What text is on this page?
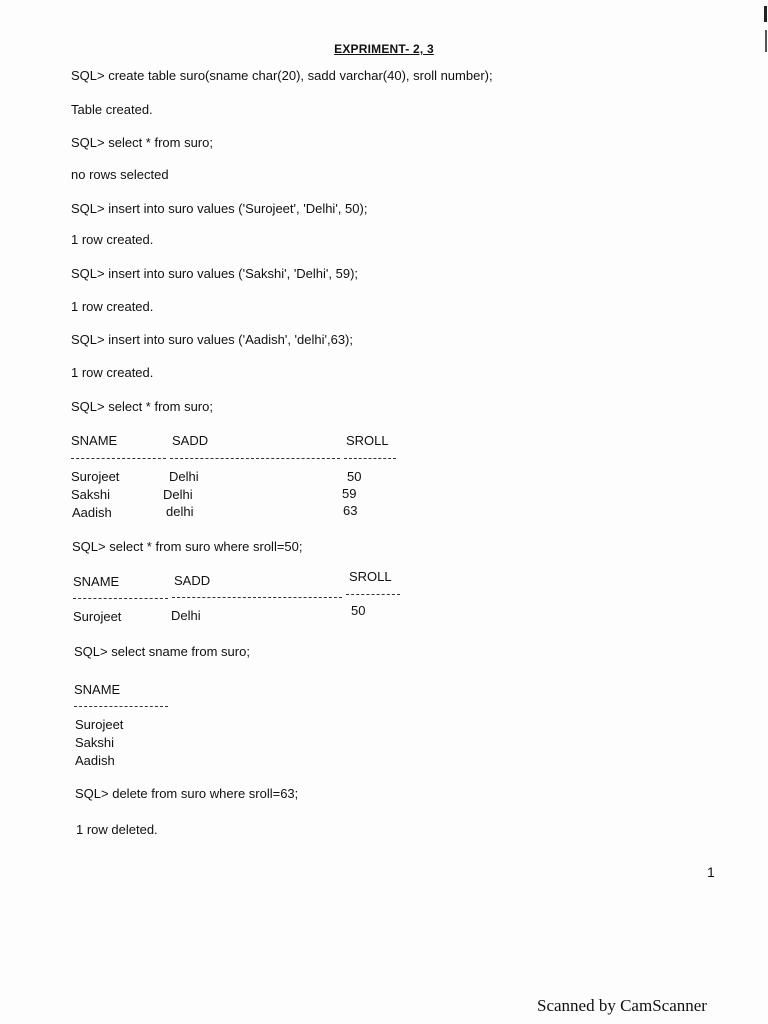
EXPRIMENT- 2, 3
SQL> create table suro(sname char(20), sadd varchar(40), sroll number);
Table created.
SQL> select * from suro;
no rows selected
SQL> insert into suro values ('Surojeet', 'Delhi', 50);
1 row created.
SQL> insert into suro values ('Sakshi', 'Delhi', 59);
1 row created.
SQL> insert into suro values ('Aadish', 'delhi',63);
1 row created.
SQL> select * from suro;
SNAME	SADD	SROLL
Surojeet	Delhi	50
Sakshi	Delhi	59
Aadish	delhi	63
SQL> select * from suro where sroll=50;
SNAME	SADD	SROLL
Surojeet	Delhi	50
SQL> select sname from suro;
SNAME
Surojeet
Sakshi
Aadish
SQL> delete from suro where sroll=63;
1 row deleted.
1
Scanned by CamScanner
